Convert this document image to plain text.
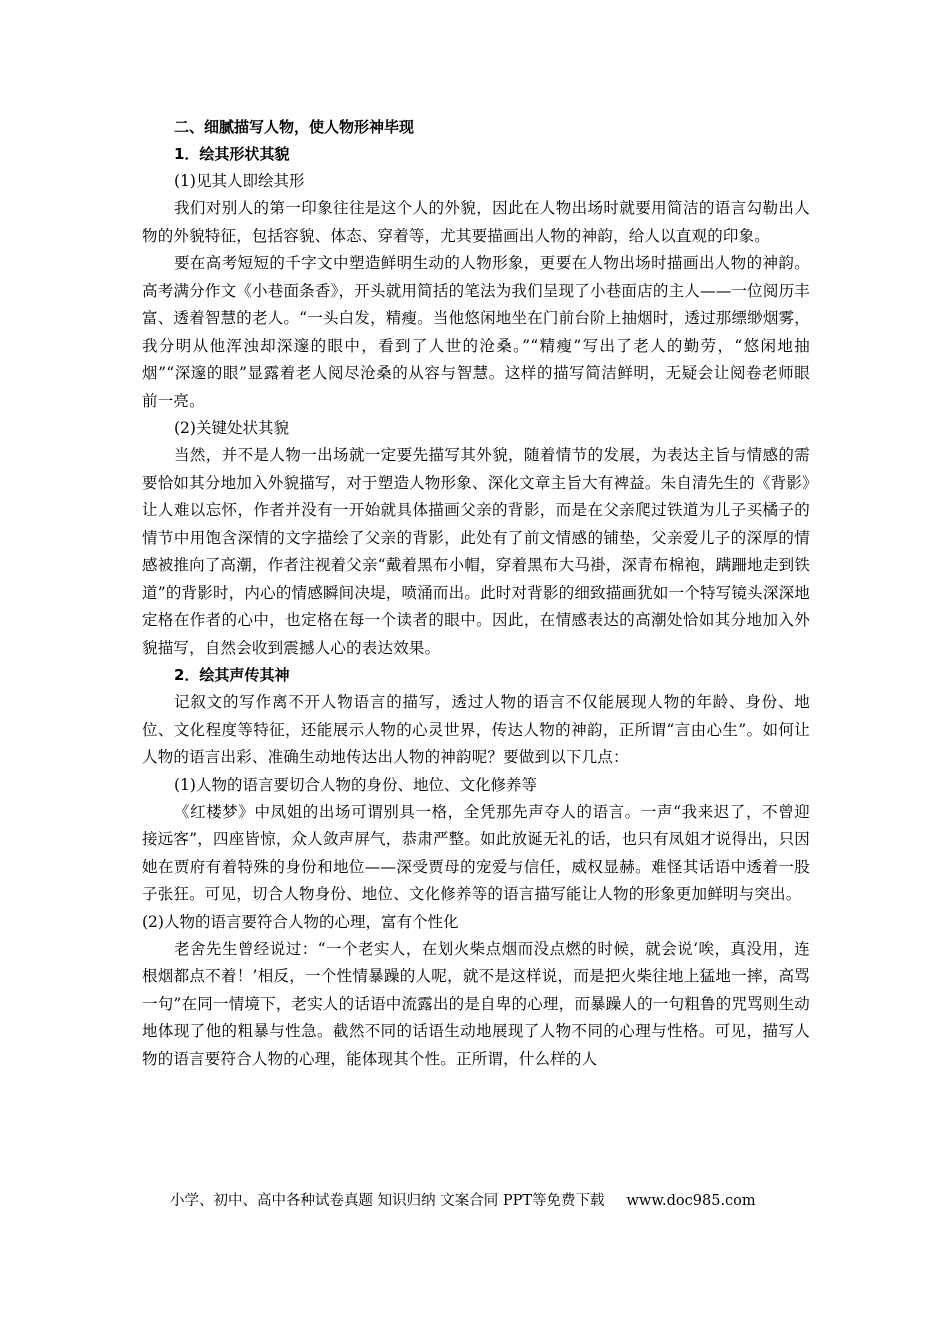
二、细腻描写人物，使人物形神毕现

1．绘其形状其貌

(1)见其人即绘其形

我们对别人的第一印象往往是这个人的外貌，因此在人物出场时就要用简洁的语言勾勒出人物的外貌特征，包括容貌、体态、穿着等，尤其要描画出人物的神韵，给人以直观的印象。

要在高考短短的千字文中塑造鲜明生动的人物形象，更要在人物出场时描画出人物的神韵。高考满分作文《小巷面条香》，开头就用简括的笔法为我们呈现了小巷面店的主人——一位阅历丰富、透着智慧的老人。“一头白发，精瘦。当他悠闲地坐在门前台阶上抽烟时，透过那缥缈烟雾，我分明从他浑浊却深邃的眼中，看到了人世的沧桑。”“精瘦”写出了老人的勤劳，“悠闲地抽烟”“深邃的眼”显露着老人阅尽沧桑的从容与智慧。这样的描写简洁鲜明，无疑会让阅卷老师眼前一亮。

(2)关键处状其貌

当然，并不是人物一出场就一定要先描写其外貌，随着情节的发展，为表达主旨与情感的需要恰如其分地加入外貌描写，对于塑造人物形象、深化文章主旨大有裨益。朱自清先生的《背影》让人难以忘怀，作者并没有一开始就具体描画父亲的背影，而是在父亲爬过铁道为儿子买橘子的情节中用饱含深情的文字描绘了父亲的背影，此处有了前文情感的铺垫，父亲爱儿子的深厚的情感被推向了高潮，作者注视着父亲“戴着黑布小帽，穿着黑布大马褂，深青布棉袍，蹒跚地走到铁道”的背影时，内心的情感瞬间决堤，喷涌而出。此时对背影的细致描画犹如一个特写镜头深深地定格在作者的心中，也定格在每一个读者的眼中。因此，在情感表达的高潮处恰如其分地加入外貌描写，自然会收到震撼人心的表达效果。

2．绘其声传其神

记叙文的写作离不开人物语言的描写，透过人物的语言不仅能展现人物的年龄、身份、地位、文化程度等特征，还能展示人物的心灵世界，传达人物的神韵，正所谓“言由心生”。如何让人物的语言出彩、准确生动地传达出人物的神韵呢？要做到以下几点：

(1)人物的语言要切合人物的身份、地位、文化修养等

《红楼梦》中凤姐的出场可谓别具一格，全凭那先声夺人的语言。一声“我来迟了，不曾迎接远客”，四座皆惊，众人敛声屏气，恭肃严整。如此放诞无礼的话，也只有凤姐才说得出，只因她在贾府有着特殊的身份和地位——深受贾母的宠爱与信任，威权显赫。难怪其话语中透着一股子张狂。可见，切合人物身份、地位、文化修养等的语言描写能让人物的形象更加鲜明与突出。

(2)人物的语言要符合人物的心理，富有个性化

老舍先生曾经说过：“一个老实人，在划火柴点烟而没点燃的时候，就会说‘唉，真没用，连根烟都点不着！’相反，一个性情暴躁的人呢，就不是这样说，而是把火柴往地上猛地一摔，高骂一句”在同一情境下，老实人的话语中流露出的是自卑的心理，而暴躁人的一句粗鲁的咒骂则生动地体现了他的粗暴与性急。截然不同的话语生动地展现了人物不同的心理与性格。可见，描写人物的语言要符合人物的心理，能体现其个性。正所谓，什么样的人

小学、初中、高中各种试卷真题 知识归纳 文案合同 PPT等免费下载 www.doc985.com
